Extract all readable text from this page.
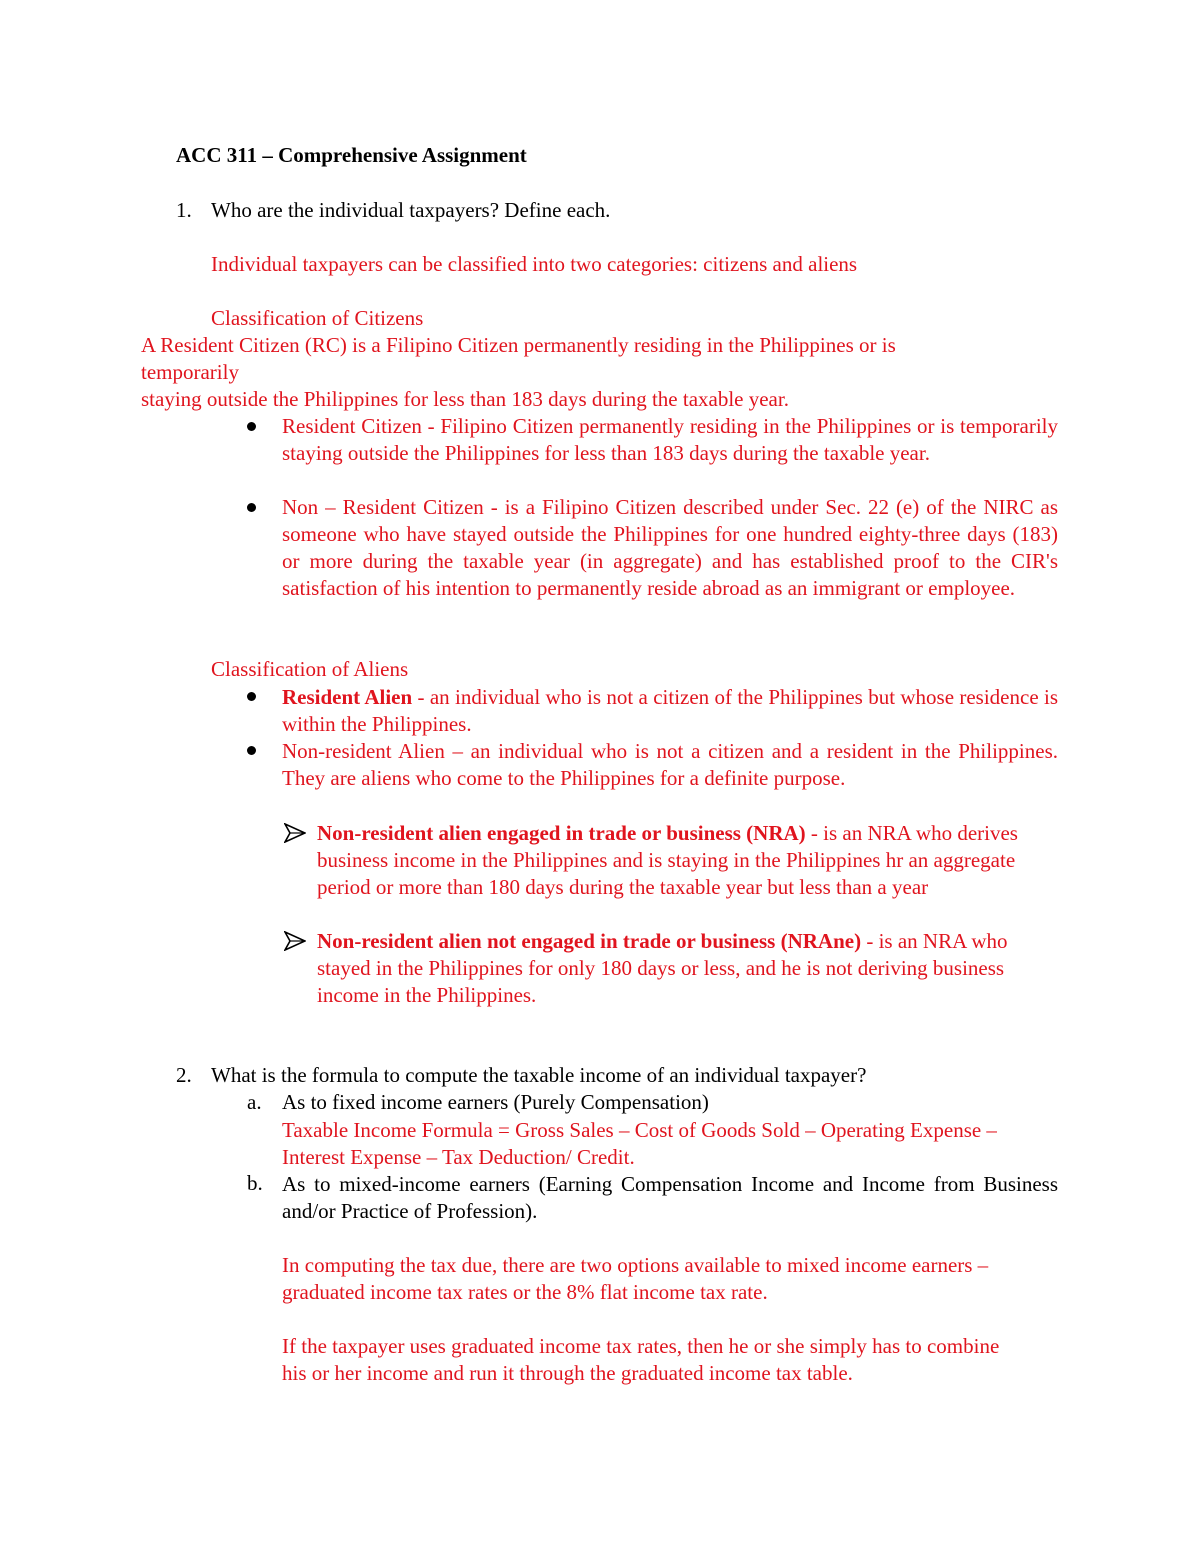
ACC 311 – Comprehensive Assignment
1. Who are the individual taxpayers? Define each.
Individual taxpayers can be classified into two categories: citizens and aliens
Classification of Citizens
A Resident Citizen (RC) is a Filipino Citizen permanently residing in the Philippines or is
temporarily
staying outside the Philippines for less than 183 days during the taxable year.
Resident Citizen - Filipino Citizen permanently residing in the Philippines or is temporarily staying outside the Philippines for less than 183 days during the taxable year.
Non – Resident Citizen - is a Filipino Citizen described under Sec. 22 (e) of the NIRC as someone who have stayed outside the Philippines for one hundred eighty-three days (183) or more during the taxable year (in aggregate) and has established proof to the CIR's satisfaction of his intention to permanently reside abroad as an immigrant or employee.
Classification of Aliens
Resident Alien - an individual who is not a citizen of the Philippines but whose residence is within the Philippines.
Non-resident Alien – an individual who is not a citizen and a resident in the Philippines. They are aliens who come to the Philippines for a definite purpose.
Non-resident alien engaged in trade or business (NRA) - is an NRA who derives business income in the Philippines and is staying in the Philippines hr an aggregate period or more than 180 days during the taxable year but less than a year
Non-resident alien not engaged in trade or business (NRAne) - is an NRA who stayed in the Philippines for only 180 days or less, and he is not deriving business income in the Philippines.
2. What is the formula to compute the taxable income of an individual taxpayer?
a. As to fixed income earners (Purely Compensation)
Taxable Income Formula = Gross Sales – Cost of Goods Sold – Operating Expense – Interest Expense – Tax Deduction/ Credit.
b. As to mixed-income earners (Earning Compensation Income and Income from Business and/or Practice of Profession).
In computing the tax due, there are two options available to mixed income earners – graduated income tax rates or the 8% flat income tax rate.
If the taxpayer uses graduated income tax rates, then he or she simply has to combine his or her income and run it through the graduated income tax table.
